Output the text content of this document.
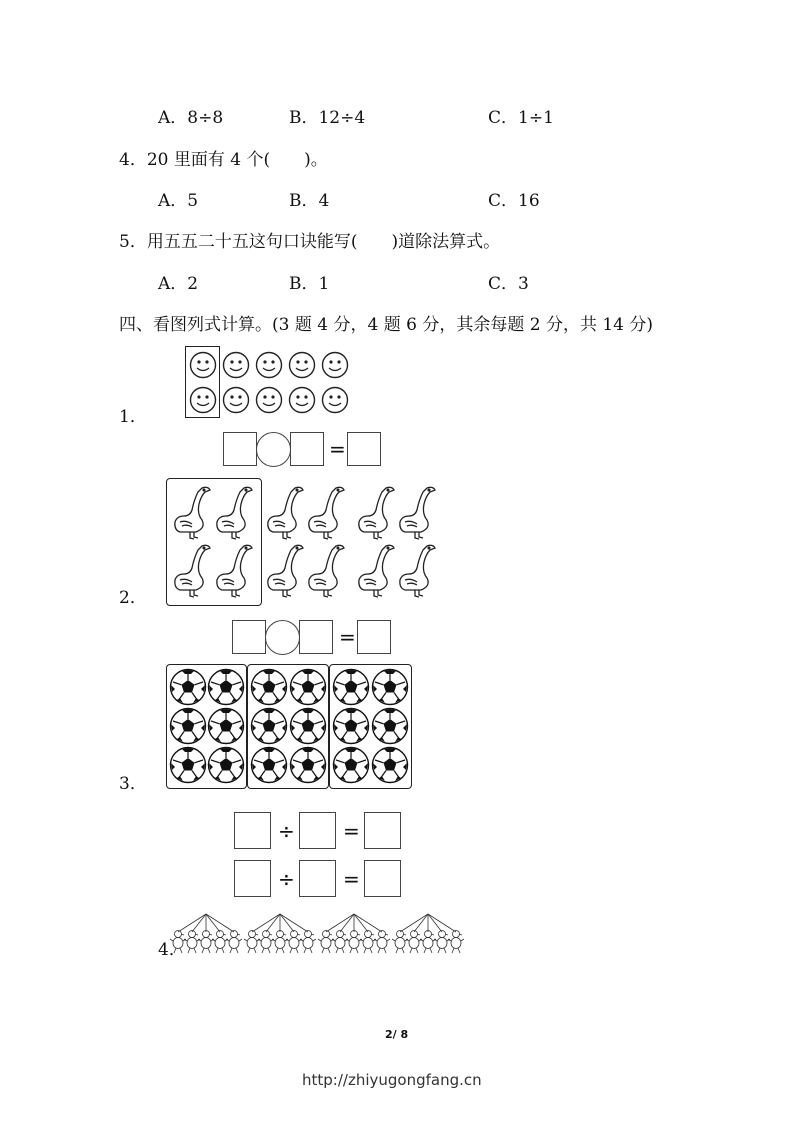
A．8÷8	B．12÷4	C．1÷1
4．20 里面有 4 个(　　)。
A．5	B．4	C．16
5．用五五二十五这句口诀能写(　　)道除法算式。
A．2	B．1	C．3
四、看图列式计算。(3 题 4 分，4 题 6 分，其余每题 2 分，共 14 分)
1．
=
2．
=
3．
÷ =
÷ =
4．
2/ 8
http://zhiyugongfang.cn
